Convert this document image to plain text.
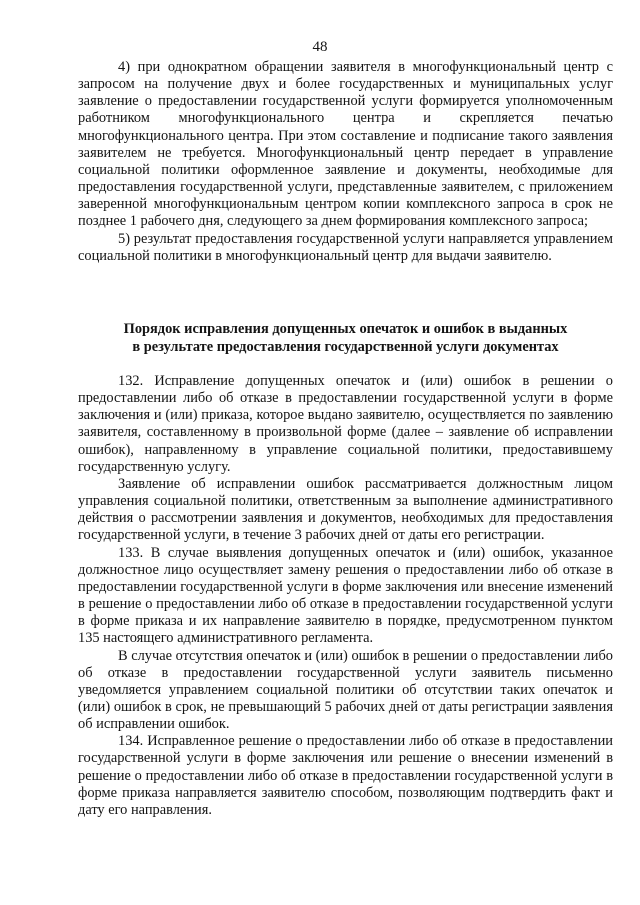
48

4) при однократном обращении заявителя в многофункциональный центр с запросом на получение двух и более государственных и муниципальных услуг заявление о предоставлении государственной услуги формируется уполномоченным работником многофункционального центра и скрепляется печатью многофункционального центра. При этом составление и подписание такого заявления заявителем не требуется. Многофункциональный центр передает в управление социальной политики оформленное заявление и документы, необходимые для предоставления государственной услуги, представленные заявителем, с приложением заверенной многофункциональным центром копии комплексного запроса в срок не позднее 1 рабочего дня, следующего за днем формирования комплексного запроса;

5) результат предоставления государственной услуги направляется управлением социальной политики в многофункциональный центр для выдачи заявителю.

Порядок исправления допущенных опечаток и ошибок в выданных
в результате предоставления государственной услуги документах

132. Исправление допущенных опечаток и (или) ошибок в решении о предоставлении либо об отказе в предоставлении государственной услуги в форме заключения и (или) приказа, которое выдано заявителю, осуществляется по заявлению заявителя, составленному в произвольной форме (далее – заявление об исправлении ошибок), направленному в управление социальной политики, предоставившему государственную услугу.

Заявление об исправлении ошибок рассматривается должностным лицом управления социальной политики, ответственным за выполнение административного действия о рассмотрении заявления и документов, необходимых для предоставления государственной услуги, в течение 3 рабочих дней от даты его регистрации.

133. В случае выявления допущенных опечаток и (или) ошибок, указанное должностное лицо осуществляет замену решения о предоставлении либо об отказе в предоставлении государственной услуги в форме заключения или внесение изменений в решение о предоставлении либо об отказе в предоставлении государственной услуги в форме приказа и их направление заявителю в порядке, предусмотренном пунктом 135 настоящего административного регламента.

В случае отсутствия опечаток и (или) ошибок в решении о предоставлении либо об отказе в предоставлении государственной услуги заявитель письменно уведомляется управлением социальной политики об отсутствии таких опечаток и (или) ошибок в срок, не превышающий 5 рабочих дней от даты регистрации заявления об исправлении ошибок.

134. Исправленное решение о предоставлении либо об отказе в предоставлении государственной услуги в форме заключения или решение о внесении изменений в решение о предоставлении либо об отказе в предоставлении государственной услуги в форме приказа направляется заявителю способом, позволяющим подтвердить факт и дату его направления.
